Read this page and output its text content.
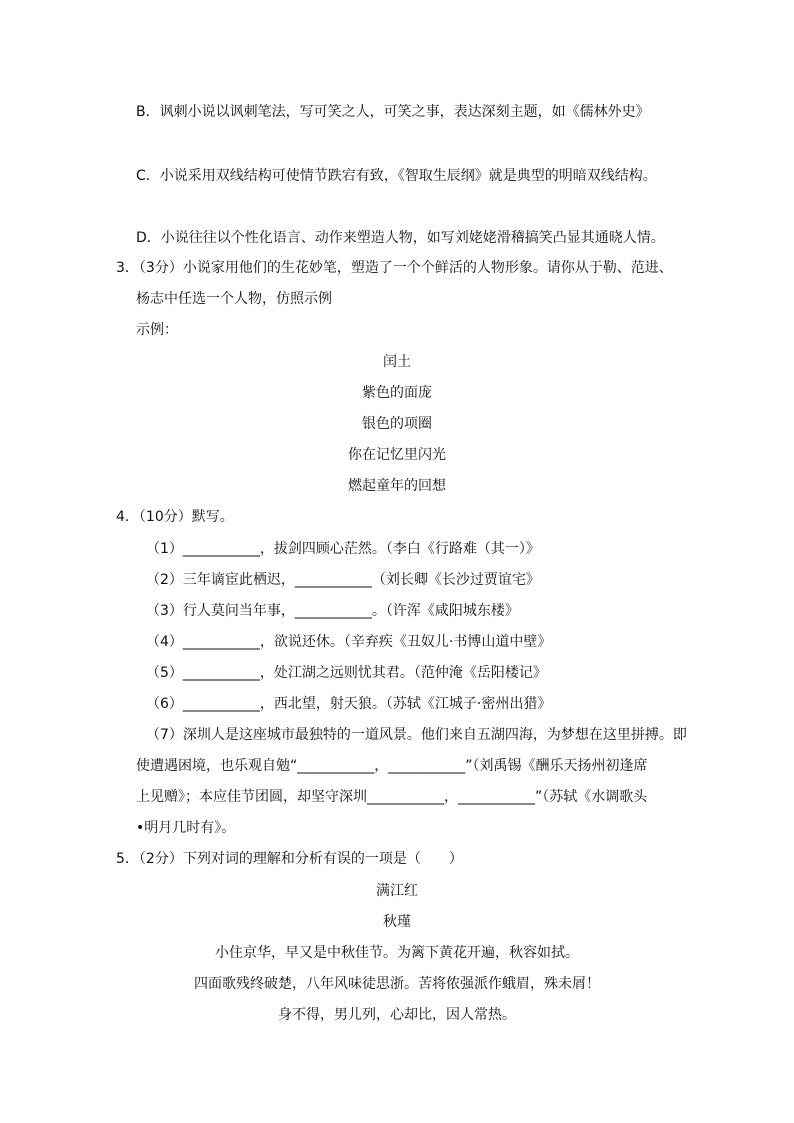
B．讽刺小说以讽刺笔法，写可笑之人，可笑之事，表达深刻主题，如《儒林外史》
C．小说采用双线结构可使情节跌宕有致，《智取生辰纲》就是典型的明暗双线结构。
D．小说往往以个性化语言、动作来塑造人物，如写刘姥姥滑稽搞笑凸显其通晓人情。
3．（3分）小说家用他们的生花妙笔，塑造了一个个鲜活的人物形象。请你从于勒、范进、
杨志中任选一个人物，仿照示例
示例：
闰土
紫色的面庞
银色的项圈
你在记忆里闪光
燃起童年的回想
4．（10分）默写。
（1）___________，拔剑四顾心茫然。（李白《行路难（其一）》
（2）三年谪宦此栖迟，___________（刘长卿《长沙过贾谊宅》
（3）行人莫问当年事，___________。（许浑《咸阳城东楼》
（4）___________，欲说还休。（辛弃疾《丑奴儿·书博山道中壁》
（5）___________，处江湖之远则忧其君。（范仲淹《岳阳楼记》
（6）___________，西北望，射天狼。（苏轼《江城子·密州出猎》
（7）深圳人是这座城市最独特的一道风景。他们来自五湖四海，为梦想在这里拼搏。即
使遭遇困境，也乐观自勉“___________，___________”（刘禹锡《酬乐天扬州初逢席
上见赠》；本应佳节团圆，却坚守深圳___________，___________”（苏轼《水调歌头
•明月几时有》。
5．（2分）下列对词的理解和分析有误的一项是（　　）
满江红
秋瑾
小住京华，早又是中秋佳节。为篱下黄花开遍，秋容如拭。
四面歌残终破楚，八年风味徒思浙。苦将侬强派作蛾眉，殊未屑！
身不得，男儿列，心却比，因人常热。
